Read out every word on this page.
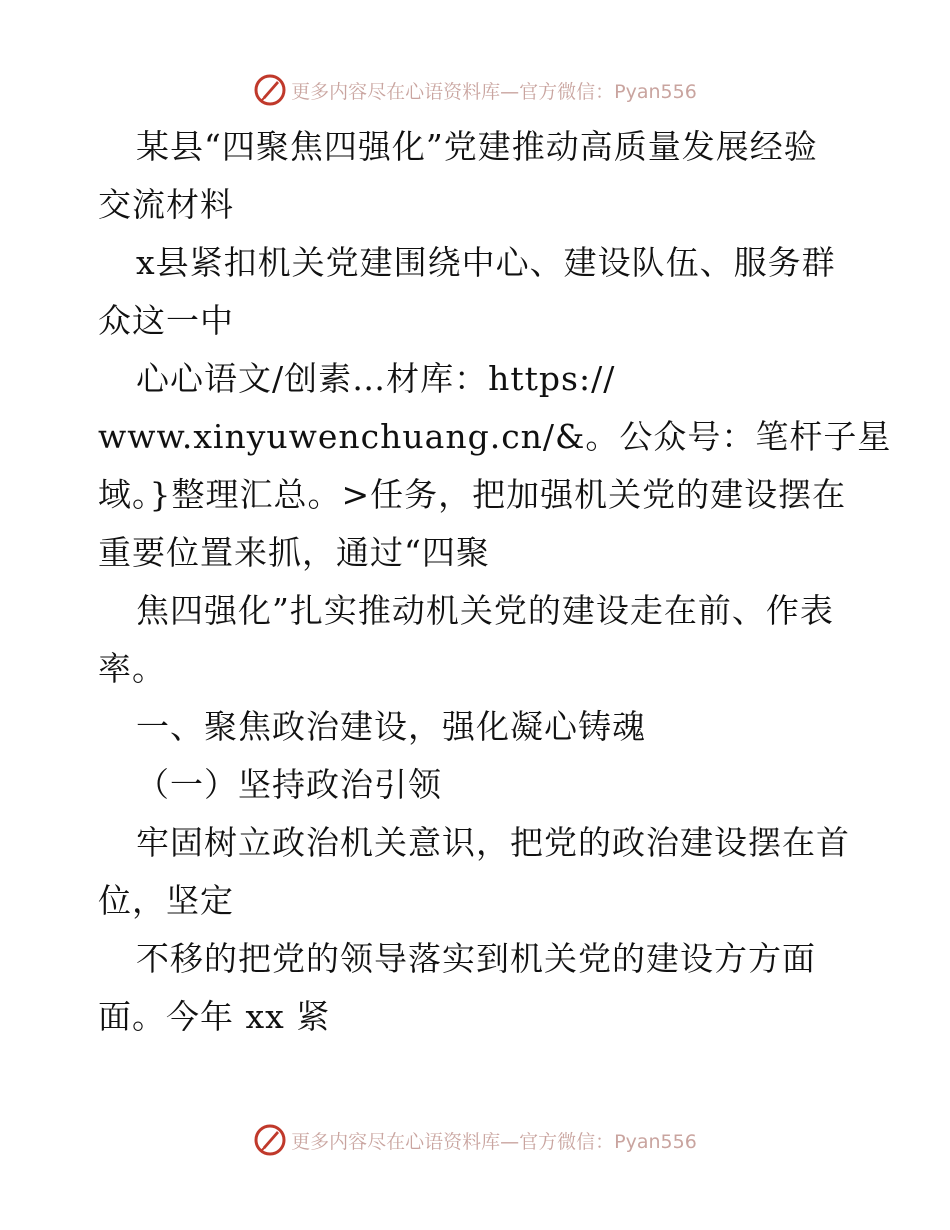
更多内容尽在心语资料库—官方微信：Pyan556
某县“四聚焦四强化”党建推动高质量发展经验
交流材料
x县紧扣机关党建围绕中心、建设队伍、服务群
众这一中
心心语文/创素…材库：https://
www.xinyuwenchuang.cn/&。公众号：笔杆子星
域。}整理汇总。>任务，把加强机关党的建设摆在
重要位置来抓，通过“四聚
焦四强化”扎实推动机关党的建设走在前、作表
率。
一、聚焦政治建设，强化凝心铸魂
（一）坚持政治引领
牢固树立政治机关意识，把党的政治建设摆在首
位，坚定
不移的把党的领导落实到机关党的建设方方面
面。今年 xx 紧
更多内容尽在心语资料库—官方微信：Pyan556
